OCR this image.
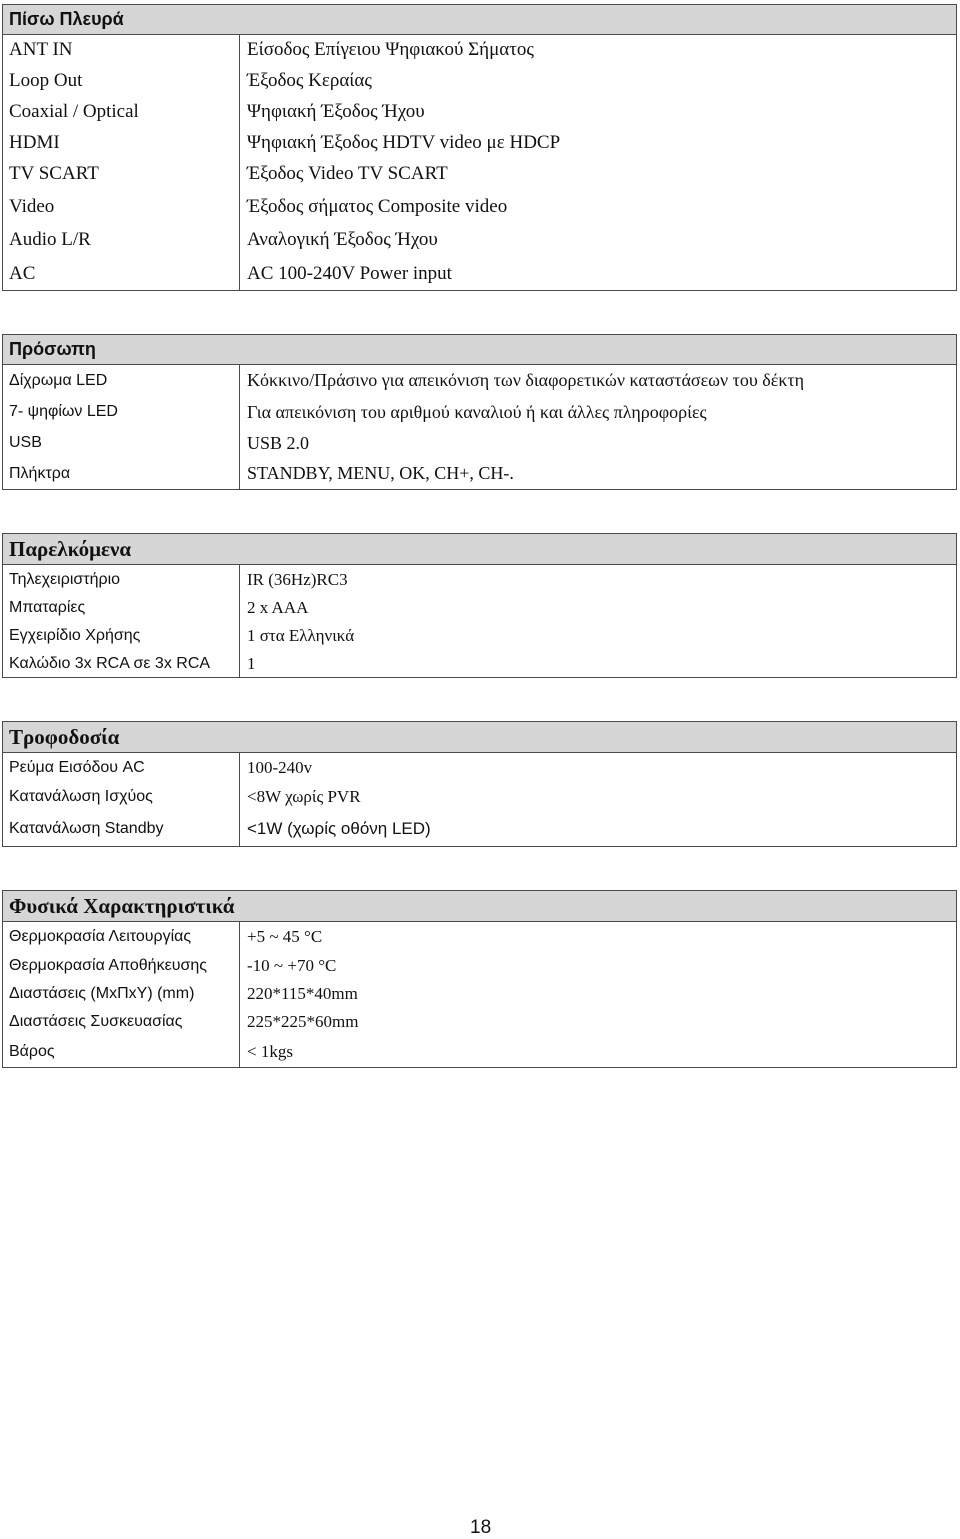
Πίσω Πλευρά
ANT IN	Είσοδος Επίγειου Ψηφιακού Σήματος
Loop Out	Έξοδος Κεραίας
Coaxial / Optical	Ψηφιακή Έξοδος Ήχου
HDMI	Ψηφιακή Έξοδος HDTV video με HDCP
TV SCART	Έξοδος Video TV SCART
Video	Έξοδος σήματος Composite video
Audio L/R	Αναλογική Έξοδος Ήχου
AC	AC 100-240V Power input
Πρόσωπη
Δίχρωμα LED	Κόκκινο/Πράσινο για απεικόνιση των διαφορετικών καταστάσεων του δέκτη
7- ψηφίων LED	Για απεικόνιση του αριθμού καναλιού ή και άλλες πληροφορίες
USB	USB 2.0
Πλήκτρα	STANDBY, MENU, OK, CH+, CH-.
Παρελκόμενα
Τηλεχειριστήριο	IR (36Hz)RC3
Μπαταρίες	2 x AAA
Εγχειρίδιο Χρήσης	1 στα Ελληνικά
Καλώδιο 3x RCA σε 3x RCA	1
Τροφοδοσία
Ρεύμα Εισόδου AC	100-240v
Κατανάλωση Ισχύος	<8W χωρίς PVR
Κατανάλωση Standby	<1W (χωρίς οθόνη LED)
Φυσικά Χαρακτηριστικά
Θερμοκρασία Λειτουργίας	+5 ~ 45 °C
Θερμοκρασία Αποθήκευσης	-10 ~ +70 °C
Διαστάσεις (MxΠxY) (mm)	220*115*40mm
Διαστάσεις Συσκευασίας	225*225*60mm
Βάρος	< 1kgs
18
